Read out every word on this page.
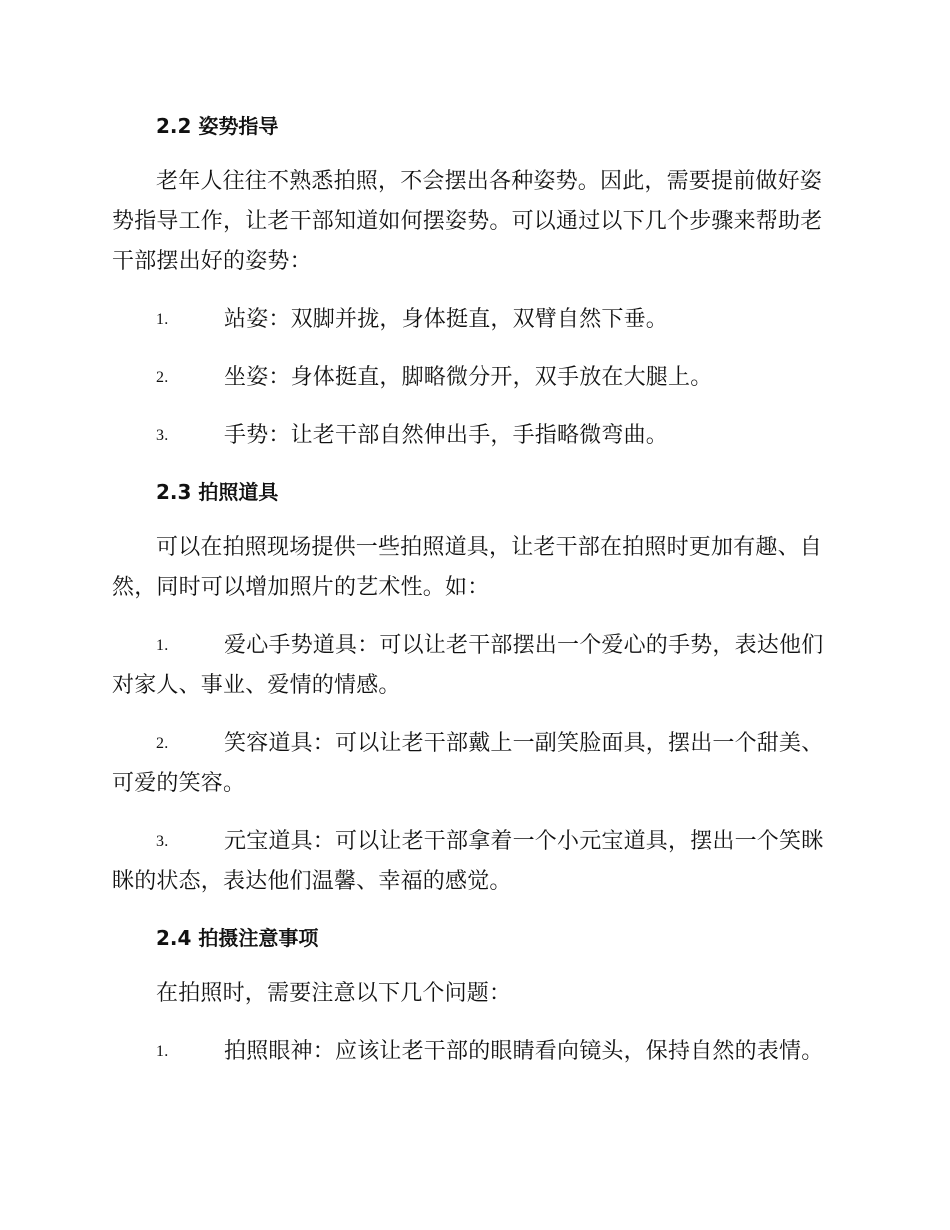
2.2 姿势指导

老年人往往不熟悉拍照，不会摆出各种姿势。因此，需要提前做好姿势指导工作，让老干部知道如何摆姿势。可以通过以下几个步骤来帮助老干部摆出好的姿势：

1.	站姿：双脚并拢，身体挺直，双臂自然下垂。
2.	坐姿：身体挺直，脚略微分开，双手放在大腿上。
3.	手势：让老干部自然伸出手，手指略微弯曲。
2.3 拍照道具

可以在拍照现场提供一些拍照道具，让老干部在拍照时更加有趣、自然，同时可以增加照片的艺术性。如：

1.	爱心手势道具：可以让老干部摆出一个爱心的手势，表达他们对家人、事业、爱情的情感。
2.	笑容道具：可以让老干部戴上一副笑脸面具，摆出一个甜美、可爱的笑容。
3.	元宝道具：可以让老干部拿着一个小元宝道具，摆出一个笑眯眯的状态，表达他们温馨、幸福的感觉。
2.4 拍摄注意事项

在拍照时，需要注意以下几个问题：

1.	拍照眼神：应该让老干部的眼睛看向镜头，保持自然的表情。
